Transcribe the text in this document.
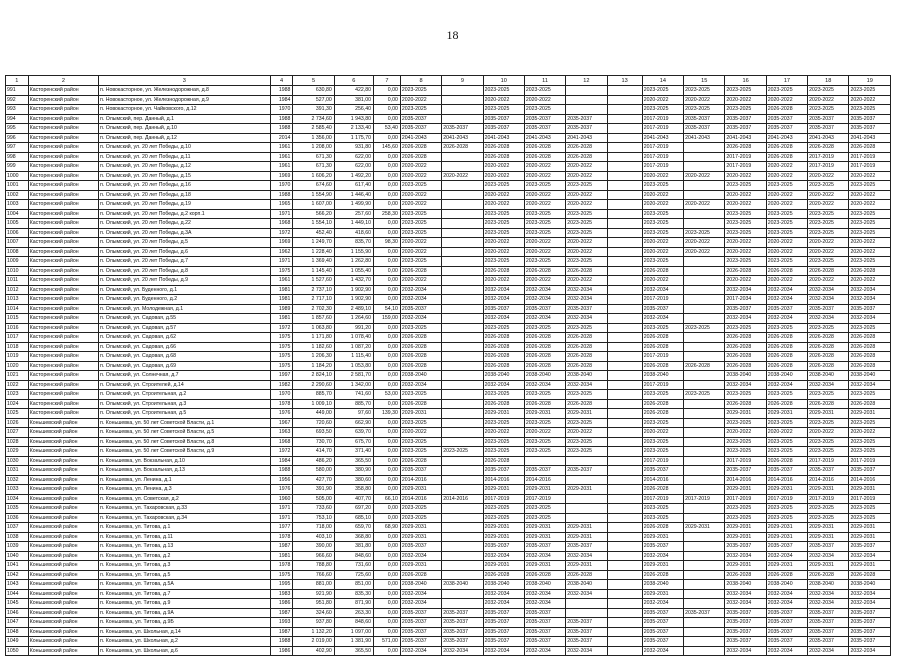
18
1	2	3	4	5	6	7	8	9	10	11	12	13	14	15	16	17	18	19
991	Касторенский район	п. Новокасторное, ул. Железнодорожная, д.8	1988	630,80	422,80	0,00	2023-2025		2023-2025	2023-2025			2023-2025	2023-2025	2023-2025	2023-2025	2023-2025	2023-2025
992	Касторенский район	п. Новокасторное, ул. Железнодорожная, д.9	1984	527,00	381,00	0,00	2020-2022		2020-2022	2020-2022			2020-2022	2020-2022	2020-2022	2020-2022	2020-2022	2020-2022
993	Касторенский район	п. Новокасторное, ул. Чайковского, д.12	1970	391,30	256,40	0,00	2023-2025		2023-2025	2023-2025			2023-2025	2023-2025	2023-2025	2026-2028	2023-2025	2023-2025
994	Касторенский район	п. Олымский, пер. Данный, д.1	1988	2 734,60	1 943,80	0,00	2035-2037		2035-2037	2035-2037	2035-2037		2017-2019	2035-2037	2035-2037	2035-2037	2035-2037	2035-2037
995	Касторенский район	п. Олымский, пер. Данный, д.10	1988	2 585,40	2 133,40	53,40	2035-2037	2035-2037	2035-2037	2035-2037	2035-2037		2017-2019	2035-2037	2035-2037	2035-2037	2035-2037	2035-2037
996	Касторенский район	п. Олымский, пер. Данный, д.12	2014	1 356,00	1 175,70	0,00	2041-2043	2041-2043	2041-2043	2041-2043	2041-2043		2041-2043	2041-2043	2041-2043	2041-2043	2041-2043	2041-2043
997	Касторенский район	п. Олымский, ул. 20 лет Победы, д.10	1961	1 208,00	931,80	145,60	2026-2028	2026-2028	2026-2028	2026-2028	2026-2028		2017-2019		2026-2028	2026-2028	2026-2028	2026-2028
998	Касторенский район	п. Олымский, ул. 20 лет Победы, д.11	1961	671,30	622,00	0,00	2026-2028		2026-2028	2026-2028	2026-2028		2017-2019		2017-2019	2026-2028	2017-2019	2017-2019
999	Касторенский район	п. Олымский, ул. 20 лет Победы, д.12	1961	671,30	622,00	0,00	2020-2022		2020-2022	2020-2022	2020-2022		2017-2019		2017-2019	2020-2022	2017-2019	2017-2019
1000	Касторенский район	п. Олымский, ул. 20 лет Победы, д.15	1969	1 606,20	1 492,20	0,00	2020-2022	2020-2022	2020-2022	2020-2022	2020-2022		2020-2022	2020-2022	2020-2022	2020-2022	2020-2022	2020-2022
1001	Касторенский район	п. Олымский, ул. 20 лет Победы, д.16	1970	674,60	617,40	0,00	2023-2025		2023-2025	2023-2025	2023-2025		2023-2025		2023-2025	2023-2025	2023-2025	2023-2025
1002	Касторенский район	п. Олымский, ул. 20 лет Победы, д.18	1988	1 554,90	1 446,40	0,00	2020-2022		2020-2022	2020-2022	2020-2022		2020-2022		2020-2022	2020-2022	2020-2022	2020-2022
1003	Касторенский район	п. Олымский, ул. 20 лет Победы, д.19	1965	1 607,00	1 499,90	0,00	2020-2022		2020-2022	2020-2022	2020-2022		2020-2022	2020-2022	2020-2022	2020-2022	2020-2022	2020-2022
1004	Касторенский район	п. Олымский, ул. 20 лет Победы, д.2 корп.1	1971	566,20	257,60	258,30	2023-2025		2023-2025	2023-2025	2023-2025		2023-2025		2023-2025	2023-2025	2023-2025	2023-2025
1005	Касторенский район	п. Олымский, ул. 20 лет Победы, д.22	1968	1 554,10	1 449,10	0,00	2023-2025		2023-2025	2023-2025	2023-2025		2023-2025		2023-2025	2023-2025	2023-2025	2023-2025
1006	Касторенский район	п. Олымский, ул. 20 лет Победы, д.3А	1972	452,40	418,60	0,00	2023-2025		2023-2025	2023-2025	2023-2025		2023-2025	2023-2025	2023-2025	2023-2025	2023-2025	2023-2025
1007	Касторенский район	п. Олымский, ул. 20 лет Победы, д.5	1969	1 249,70	835,70	98,30	2020-2022		2020-2022	2020-2022	2020-2022		2020-2022	2020-2022	2020-2022	2020-2022	2020-2022	2020-2022
1008	Касторенский район	п. Олымский, ул. 20 лет Победы, д.6	1962	1 228,40	1 155,90	0,00	2020-2022		2020-2022	2020-2022	2020-2022		2020-2022	2020-2022	2020-2022	2020-2022	2020-2022	2020-2022
1009	Касторенский район	п. Олымский, ул. 20 лет Победы, д.7	1971	1 369,40	1 262,80	0,00	2023-2025		2023-2025	2023-2025	2023-2025		2023-2025		2023-2025	2023-2025	2023-2025	2023-2025
1010	Касторенский район	п. Олымский, ул. 20 лет Победы, д.8	1975	1 145,40	1 055,40	0,00	2026-2028		2026-2028	2026-2028	2026-2028		2026-2028		2026-2028	2026-2028	2026-2028	2026-2028
1011	Касторенский район	п. Олымский, ул. 20 лет Победы, д.9	1961	1 527,60	1 432,70	0,00	2020-2022		2020-2022	2020-2022	2020-2022		2020-2022		2020-2022	2020-2022	2020-2022	2020-2022
1012	Касторенский район	п. Олымский, ул. Буденного, д.1	1981	2 737,10	1 902,90	0,00	2032-2034		2032-2034	2032-2034	2032-2034		2032-2034		2032-2034	2032-2034	2032-2034	2032-2034
1013	Касторенский район	п. Олымский, ул. Буденного, д.2	1981	2 717,10	1 902,90	0,00	2032-2034		2032-2034	2032-2034	2032-2034		2017-2019		2017-2034	2032-2034	2032-2034	2032-2034
1014	Касторенский район	п. Олымский, ул. Молодежная, д.1	1989	2 702,30	2 489,10	54,10	2035-2037		2035-2037	2035-2037	2035-2037		2035-2037		2035-2037	2035-2037	2035-2037	2035-2037
1015	Касторенский район	п. Олымский, ул. Садовая, д.55	1981	1 857,60	1 264,60	159,00	2032-2034		2032-2034	2032-2034	2032-2034		2032-2034		2032-2034	2032-2034	2032-2034	2032-2034
1016	Касторенский район	п. Олымский, ул. Садовая, д.57	1972	1 063,80	991,20	0,00	2023-2025		2023-2025	2023-2025	2023-2025		2023-2025	2023-2025	2023-2025	2023-2025	2023-2025	2023-2025
1017	Касторенский район	п. Олымский, ул. Садовая, д.62	1975	1 171,80	1 078,40	0,00	2026-2028		2026-2028	2026-2028	2026-2028		2026-2028		2026-2028	2026-2028	2026-2028	2026-2028
1018	Касторенский район	п. Олымский, ул. Садовая, д.66	1975	1 182,60	1 087,20	0,00	2026-2028		2026-2028	2026-2028	2026-2028		2026-2028		2026-2028	2026-2028	2026-2028	2026-2028
1019	Касторенский район	п. Олымский, ул. Садовая, д.68	1975	1 206,30	1 115,40	0,00	2026-2028		2026-2028	2026-2028	2026-2028		2017-2019		2026-2028	2026-2028	2026-2028	2026-2028
1020	Касторенский район	п. Олымский, ул. Садовая, д.69	1975	1 184,20	1 053,80	0,00	2026-2028		2026-2028	2026-2028	2026-2028		2026-2028	2026-2028	2026-2028	2026-2028	2026-2028	2026-2028
1021	Касторенский район	п. Олымский, ул. Солнечная, д.7	1997	2 824,10	2 581,70	0,00	2038-2040		2038-2040	2038-2040	2038-2040		2038-2040		2038-2040	2038-2040	2038-2040	2038-2040
1022	Касторенский район	п. Олымский, ул. Строителей, д.14	1982	2 290,60	1 342,00	0,00	2032-2034		2032-2034	2032-2034	2032-2034		2017-2019		2032-2034	2032-2034	2032-2034	2032-2034
1023	Касторенский район	п. Олымский, ул. Строительная, д.2	1970	885,70	741,60	53,00	2023-2025		2023-2025	2023-2025	2023-2025		2023-2025	2023-2025	2023-2025	2023-2025	2023-2025	2023-2025
1024	Касторенский район	п. Олымский, ул. Строительная, д.3	1978	1 009,10	885,70	0,00	2026-2028		2026-2028	2026-2028	2026-2028		2026-2028		2026-2028	2026-2028	2026-2028	2026-2028
1025	Касторенский район	п. Олымский, ул. Строительная, д.5	1976	449,00	97,60	139,30	2029-2031		2029-2031	2029-2031	2029-2031		2026-2028		2029-2031	2029-2031	2029-2031	2029-2031
1026	Коньшевский район	п. Коньшевка, ул. 50 лет Советской Власти, д.1	1967	720,60	662,90	0,00	2023-2025		2023-2025	2023-2025	2023-2025		2023-2025		2023-2025	2023-2025	2023-2025	2023-2025
1027	Коньшевский район	п. Коньшевка, ул. 50 лет Советской Власти, д.5	1963	693,50	639,70	0,00	2020-2022		2020-2022	2020-2022	2020-2022		2020-2022		2020-2022	2020-2022	2020-2022	2020-2022
1028	Коньшевский район	п. Коньшевка, ул. 50 лет Советской Власти, д.8	1968	730,70	675,70	0,00	2023-2025		2023-2025	2023-2025	2023-2025		2023-2025		2023-2025	2023-2025	2023-2025	2023-2025
1029	Коньшевский район	п. Коньшевка, ул. 50 лет Советской Власти, д.9	1972	414,70	371,40	0,00	2023-2025	2023-2025	2023-2025	2023-2025	2023-2025		2023-2025		2023-2025	2023-2025	2023-2025	2023-2025
1030	Коньшевский район	п. Коньшевка, ул. Вокзальная, д.10	1984	486,20	365,50	0,00	2026-2028		2026-2028				2017-2019		2017-2019	2026-2028	2017-2019	2017-2019
1031	Коньшевский район	п. Коньшевка, ул. Вокзальная, д.13	1988	580,00	380,90	0,00	2035-2037		2035-2037	2035-2037	2035-2037		2035-2037		2035-2037	2035-2037	2035-2037	2035-2037
1032	Коньшевский район	п. Коньшевка, ул. Ленина, д.1	1956	427,70	380,60	0,00	2014-2016		2014-2016	2014-2016			2014-2016		2014-2016	2014-2016	2014-2016	2014-2016
1033	Коньшевский район	п. Коньшевка, ул. Ленина, д.3	1976	391,90	358,80	0,00	2029-2031		2029-2031	2029-2031	2029-2031		2026-2028		2029-2031	2029-2031	2029-2031	2029-2031
1034	Коньшевский район	п. Коньшевка, ул. Советская, д.2	1960	505,00	407,70	66,10	2014-2016	2014-2016	2017-2019	2017-2019			2017-2019	2017-2019	2017-2019	2017-2019	2017-2019	2017-2019
1035	Коньшевский район	п. Коньшевка, ул. Тахаровская, д.33	1971	733,60	697,20	0,00	2023-2025		2023-2025	2023-2025			2023-2025		2023-2025	2023-2025	2023-2025	2023-2025
1036	Коньшевский район	п. Коньшевка, ул. Тахаровская, д.34	1971	753,10	685,10	0,00	2023-2025		2023-2025	2023-2025			2023-2025		2023-2025	2023-2025	2023-2025	2023-2025
1037	Коньшевский район	п. Коньшевка, ул. Титова, д.1	1977	718,00	659,70	68,90	2029-2031		2029-2031	2029-2031	2029-2031		2026-2028	2029-2031	2029-2031	2029-2031	2029-2031	2029-2031
1038	Коньшевский район	п. Коньшевка, ул. Титова, д.11	1978	403,10	368,80	0,00	2029-2031		2029-2031	2029-2031	2029-2031		2029-2031		2029-2031	2029-2031	2029-2031	2029-2031
1039	Коньшевский район	п. Коньшевка, ул. Титова, д.13	1987	390,00	381,80	0,00	2035-2037		2035-2037	2035-2037	2035-2037		2035-2037		2035-2037	2035-2037	2035-2037	2035-2037
1040	Коньшевский район	п. Коньшевка, ул. Титова, д.2	1981	966,60	848,60	0,00	2032-2034		2032-2034	2032-2034	2032-2034		2032-2034		2032-2034	2032-2034	2032-2034	2032-2034
1041	Коньшевский район	п. Коньшевка, ул. Титова, д.3	1978	788,80	731,60	0,00	2029-2031		2029-2031	2029-2031	2029-2031		2029-2031		2029-2031	2029-2031	2029-2031	2029-2031
1042	Коньшевский район	п. Коньшевка, ул. Титова, д.5	1975	766,60	725,60	0,00	2026-2028		2026-2028	2026-2028	2026-2028		2026-2028		2026-2028	2026-2028	2026-2028	2026-2028
1043	Коньшевский район	п. Коньшевка, ул. Титова, д.5А	1995	881,00	851,00	0,00	2038-2040	2038-2040	2038-2040	2038-2040	2038-2040		2038-2040		2038-2040	2038-2040	2038-2040	2038-2040
1044	Коньшевский район	п. Коньшевка, ул. Титова, д.7	1983	921,90	835,30	0,00	2032-2034		2032-2034	2032-2034	2032-2034		2029-2031		2032-2034	2032-2034	2032-2034	2032-2034
1045	Коньшевский район	п. Коньшевка, ул. Титова, д.9	1986	951,80	871,90	0,00	2032-2034		2032-2034	2032-2034			2032-2034		2032-2034	2032-2034	2032-2034	2032-2034
1046	Коньшевский район	п. Коньшевка, ул. Титова, д.9А	1987	324,60	263,30	0,00	2035-2037	2035-2037	2035-2037	2035-2037			2035-2037	2035-2037	2035-2037	2035-2037	2035-2037	2035-2037
1047	Коньшевский район	п. Коньшевка, ул. Титова, д.9Б	1993	937,80	848,60	0,00	2035-2037	2035-2037	2035-2037	2035-2037	2035-2037		2035-2037		2035-2037	2035-2037	2035-2037	2035-2037
1048	Коньшевский район	п. Коньшевка, ул. Школьная, д.14	1987	1 132,20	1 097,00	0,00	2035-2037	2035-2037	2035-2037	2035-2037	2035-2037		2035-2037		2035-2037	2035-2037	2035-2037	2035-2037
1049	Коньшевский район	п. Коньшевка, ул. Школьная, д.2	1988	2 019,00	1 381,90	571,00	2035-2037	2035-2037	2035-2037	2035-2037	2035-2037		2035-2037		2035-2037	2035-2037	2035-2037	2035-2037
1050	Коньшевский район	п. Коньшевка, ул. Школьная, д.6	1986	402,90	365,50	0,00	2032-2034	2032-2034	2032-2034	2032-2034	2032-2034		2032-2034		2032-2034	2032-2034	2032-2034	2032-2034
